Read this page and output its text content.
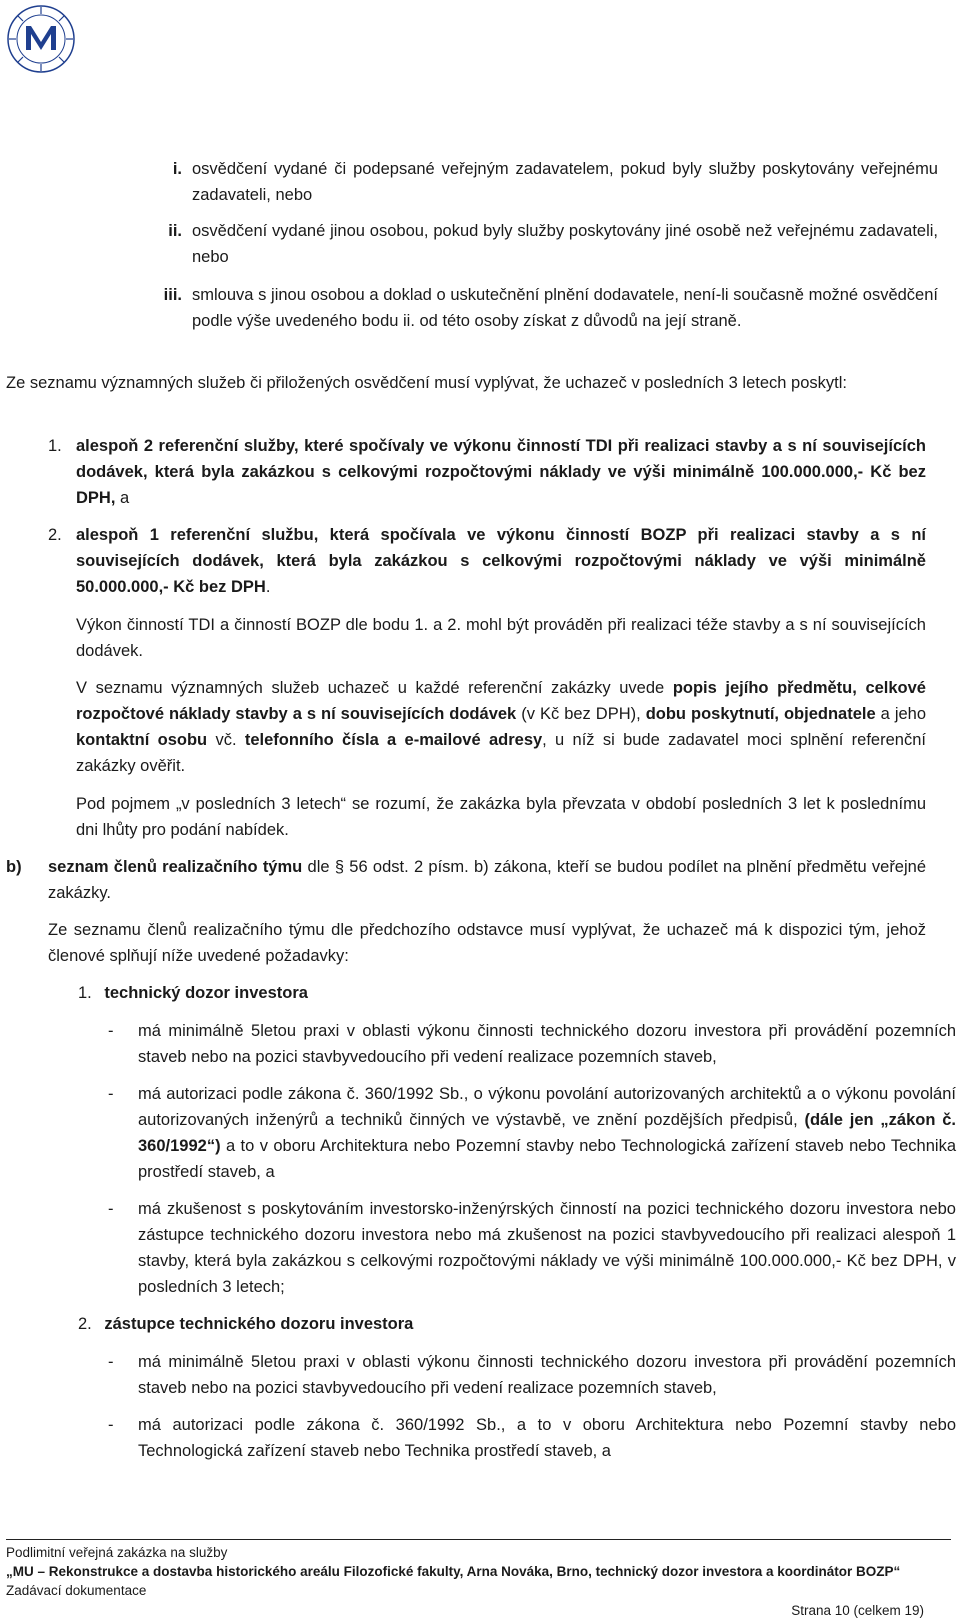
i. osvědčení vydané či podepsané veřejným zadavatelem, pokud byly služby poskytovány veřejnému zadavateli, nebo

ii. osvědčení vydané jinou osobou, pokud byly služby poskytovány jiné osobě než veřejnému zadavateli, nebo

iii. smlouva s jinou osobou a doklad o uskutečnění plnění dodavatele, není-li současně možné osvědčení podle výše uvedeného bodu ii. od této osoby získat z důvodů na její straně.

Ze seznamu významných služeb či přiložených osvědčení musí vyplývat, že uchazeč v posledních 3 letech poskytl:

1. alespoň 2 referenční služby, které spočívaly ve výkonu činností TDI při realizaci stavby a s ní souvisejících dodávek, která byla zakázkou s celkovými rozpočtovými náklady ve výši minimálně 100.000.000,- Kč bez DPH, a

2. alespoň 1 referenční službu, která spočívala ve výkonu činností BOZP při realizaci stavby a s ní souvisejících dodávek, která byla zakázkou s celkovými rozpočtovými náklady ve výši minimálně 50.000.000,- Kč bez DPH.

Výkon činností TDI a činností BOZP dle bodu 1. a 2. mohl být prováděn při realizaci téže stavby a s ní souvisejících dodávek.

V seznamu významných služeb uchazeč u každé referenční zakázky uvede popis jejího předmětu, celkové rozpočtové náklady stavby a s ní souvisejících dodávek (v Kč bez DPH), dobu poskytnutí, objednatele a jeho kontaktní osobu vč. telefonního čísla a e-mailové adresy, u níž si bude zadavatel moci splnění referenční zakázky ověřit.

Pod pojmem „v posledních 3 letech“ se rozumí, že zakázka byla převzata v období posledních 3 let k poslednímu dni lhůty pro podání nabídek.

b) seznam členů realizačního týmu dle § 56 odst. 2 písm. b) zákona, kteří se budou podílet na plnění předmětu veřejné zakázky.

Ze seznamu členů realizačního týmu dle předchozího odstavce musí vyplývat, že uchazeč má k dispozici tým, jehož členové splňují níže uvedené požadavky:

1. technický dozor investora
- má minimálně 5letou praxi v oblasti výkonu činnosti technického dozoru investora při provádění pozemních staveb nebo na pozici stavbyvedoucího při vedení realizace pozemních staveb,

- má autorizaci podle zákona č. 360/1992 Sb., o výkonu povolání autorizovaných architektů a o výkonu povolání autorizovaných inženýrů a techniků činných ve výstavbě, ve znění pozdějších předpisů, (dále jen „zákon č. 360/1992“) a to v oboru Architektura nebo Pozemní stavby nebo Technologická zařízení staveb nebo Technika prostředí staveb, a

- má zkušenost s poskytováním investorsko-inženýrských činností na pozici technického dozoru investora nebo zástupce technického dozoru investora nebo má zkušenost na pozici stavbyvedoucího při realizaci alespoň 1 stavby, která byla zakázkou s celkovými rozpočtovými náklady ve výši minimálně 100.000.000,- Kč bez DPH, v posledních 3 letech;

2. zástupce technického dozoru investora
- má minimálně 5letou praxi v oblasti výkonu činnosti technického dozoru investora při provádění pozemních staveb nebo na pozici stavbyvedoucího při vedení realizace pozemních staveb,

- má autorizaci podle zákona č. 360/1992 Sb., a to v oboru Architektura nebo Pozemní stavby nebo Technologická zařízení staveb nebo Technika prostředí staveb, a

Podlimitní veřejná zakázka na služby
„MU – Rekonstrukce a dostavba historického areálu Filozofické fakulty, Arna Nováka, Brno, technický dozor investora a koordinátor BOZP“
Zadávací dokumentace
Strana 10 (celkem 19)
